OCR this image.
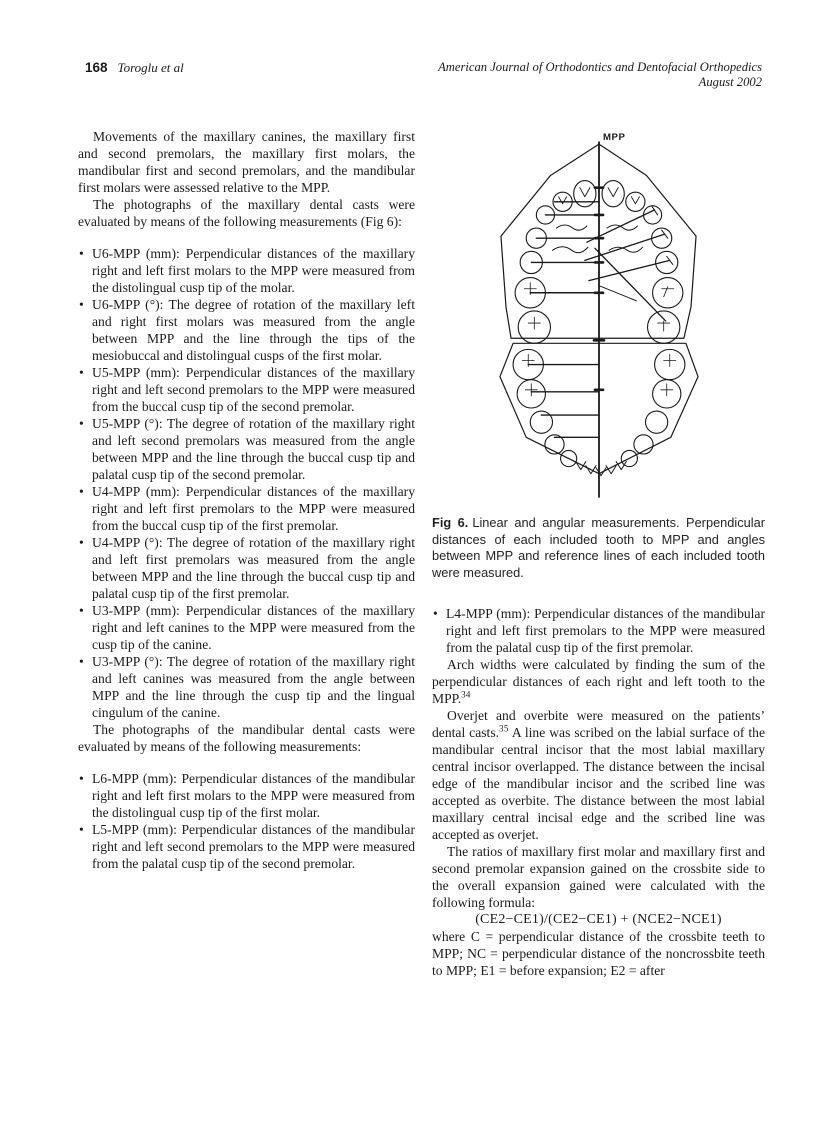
168 Toroglu et al	American Journal of Orthodontics and Dentofacial Orthopedics
August 2002

Movements of the maxillary canines, the maxillary first and second premolars, the maxillary first molars, the mandibular first and second premolars, and the mandibular first molars were assessed relative to the MPP.

The photographs of the maxillary dental casts were evaluated by means of the following measurements (Fig 6):

• U6-MPP (mm): Perpendicular distances of the maxillary right and left first molars to the MPP were measured from the distolingual cusp tip of the molar.
• U6-MPP (°): The degree of rotation of the maxillary left and right first molars was measured from the angle between MPP and the line through the tips of the mesiobuccal and distolingual cusps of the first molar.
• U5-MPP (mm): Perpendicular distances of the maxillary right and left second premolars to the MPP were measured from the buccal cusp tip of the second premolar.
• U5-MPP (°): The degree of rotation of the maxillary right and left second premolars was measured from the angle between MPP and the line through the buccal cusp tip and palatal cusp tip of the second premolar.
• U4-MPP (mm): Perpendicular distances of the maxillary right and left first premolars to the MPP were measured from the buccal cusp tip of the first premolar.
• U4-MPP (°): The degree of rotation of the maxillary right and left first premolars was measured from the angle between MPP and the line through the buccal cusp tip and palatal cusp tip of the first premolar.
• U3-MPP (mm): Perpendicular distances of the maxillary right and left canines to the MPP were measured from the cusp tip of the canine.
• U3-MPP (°): The degree of rotation of the maxillary right and left canines was measured from the angle between MPP and the line through the cusp tip and the lingual cingulum of the canine.

The photographs of the mandibular dental casts were evaluated by means of the following measurements:

• L6-MPP (mm): Perpendicular distances of the mandibular right and left first molars to the MPP were measured from the distolingual cusp tip of the first molar.
• L5-MPP (mm): Perpendicular distances of the mandibular right and left second premolars to the MPP were measured from the palatal cusp tip of the second premolar.
MPP
Fig 6. Linear and angular measurements. Perpendicular distances of each included tooth to MPP and angles between MPP and reference lines of each included tooth were measured.
• L4-MPP (mm): Perpendicular distances of the mandibular right and left first premolars to the MPP were measured from the palatal cusp tip of the first premolar.

Arch widths were calculated by finding the sum of the perpendicular distances of each right and left tooth to the MPP.$^{34}$

Overjet and overbite were measured on the patients’ dental casts.$^{35}$ A line was scribed on the labial surface of the mandibular central incisor that the most labial maxillary central incisor overlapped. The distance between the incisal edge of the mandibular incisor and the scribed line was accepted as overbite. The distance between the most labial maxillary central incisal edge and the scribed line was accepted as overjet.

The ratios of maxillary first molar and maxillary first and second premolar expansion gained on the crossbite side to the overall expansion gained were calculated with the following formula:

(CE2−CE1)/(CE2−CE1) + (NCE2−NCE1)

where C = perpendicular distance of the crossbite teeth to MPP; NC = perpendicular distance of the noncrossbite teeth to MPP; E1 = before expansion; E2 = after
